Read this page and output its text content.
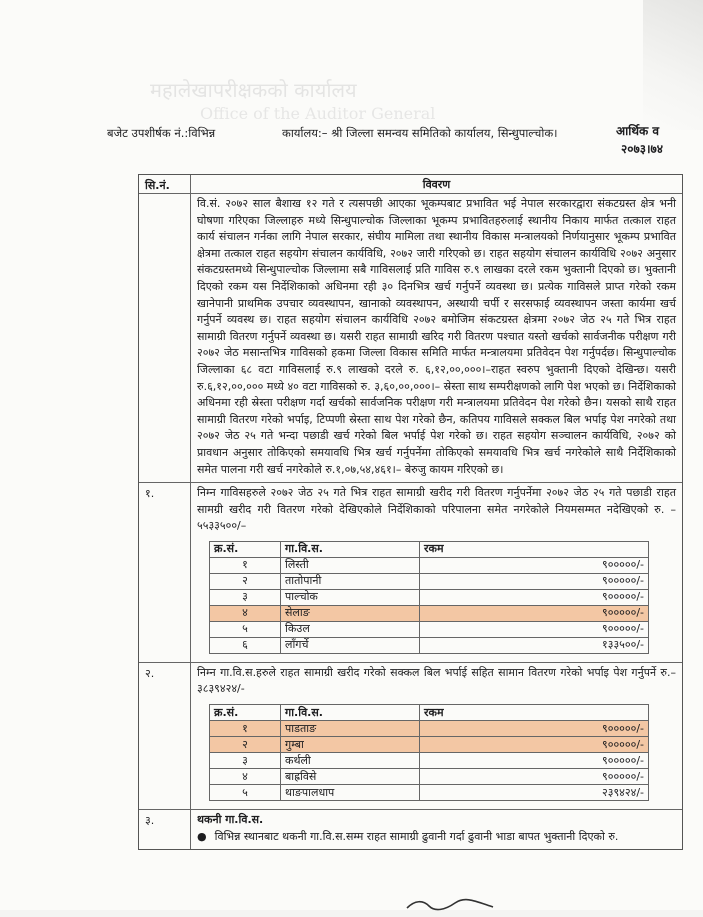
महालेखापरीक्षकको कार्यालय
Office of the Auditor General
बजेट उपशीर्षक नं.:विभिन्न	कार्यालय:– श्री जिल्ला समन्वय समितिको कार्यालय, सिन्धुपाल्चोक।	आर्थिक व
२०७३।७४
सि.नं.	विवरण
वि.सं. २०७२ साल बैशाख १२ गते र त्यसपछी आएका भूकम्पबाट प्रभावित भई नेपाल सरकारद्वारा संकटग्रस्त क्षेत्र भनी घोषणा गरिएका जिल्लाहरु मध्ये सिन्धुपाल्चोक जिल्लाका भूकम्प प्रभावितहरुलाई स्थानीय निकाय मार्फत तत्काल राहत कार्य संचालन गर्नका लागि नेपाल सरकार, संघीय मामिला तथा स्थानीय विकास मन्त्रालयको निर्णयानुसार भूकम्प प्रभावित क्षेत्रमा तत्काल राहत सहयोग संचालन कार्यविधि, २०७२ जारी गरिएको छ। राहत सहयोग संचालन कार्यविधि २०७२ अनुसार संकटग्रस्तमध्ये सिन्धुपाल्चोक जिल्लामा सबै गाविसलाई प्रति गाविस रु.९ लाखका दरले रकम भुक्तानी दिएको छ। भुक्तानी दिएको रकम यस निर्देशिकाको अधिनमा रही ३० दिनभित्र खर्च गर्नुपर्ने व्यवस्था छ। प्रत्येक गाविसले प्राप्त गरेको रकम खानेपानी प्राथमिक उपचार व्यवस्थापन, खानाको व्यवस्थापन, अस्थायी चर्पी र सरसफाई व्यवस्थापन जस्ता कार्यमा खर्च गर्नुपर्ने व्यवस्थ छ। राहत सहयोग संचालन कार्यविधि २०७२ बमोजिम संकटग्रस्त क्षेत्रमा २०७२ जेठ २५ गते भित्र राहत सामाग्री वितरण गर्नुपर्ने व्यवस्था छ। यसरी राहत सामाग्री खरिद गरी वितरण पश्चात यस्तो खर्चको सार्वजनीक परीक्षण गरी २०७२ जेठ मसान्तभित्र गाविसको हकमा जिल्ला विकास समिति मार्फत मन्त्रालयमा प्रतिवेदन पेश गर्नुपर्दछ। सिन्धुपाल्चोक जिल्लाका ६८ वटा गाविसलाई रु.९ लाखको दरले रु. ६,१२,००,०००।–राहत स्वरुप भुक्तानी दिएको देखिन्छ। यसरी रु.६,१२,००,००० मध्ये ४० वटा गाविसको रु. ३,६०,००,०००।– स्रेस्ता साथ सम्परीक्षणको लागि पेश भएको छ। निर्देशिकाको अधिनमा रही स्रेस्ता परीक्षण गर्दा खर्चको सार्वजनिक परीक्षण गरी मन्त्रालयमा प्रतिवेदन पेश गरेको छैन। यसको साथै राहत सामाग्री वितरण गरेको भर्पाइ, टिप्पणी स्रेस्ता साथ पेश गरेको छैन, कतिपय गाविसले सक्कल बिल भर्पाइ पेश नगरेको तथा २०७२ जेठ २५ गते भन्दा पछाडी खर्च गरेको बिल भर्पाई पेश गरेको छ। राहत सहयोग सञ्चालन कार्यविधि, २०७२ को प्रावधान अनुसार तोकिएको समयावधि भित्र खर्च गर्नुपर्नेमा तोकिएको समयावधि भित्र खर्च नगरेकोले साथै निर्देशिकाको समेत पालना गरी खर्च नगरेकोले रु.१,०७,५४,४६१।– बेरुजु कायम गरिएको छ।
१.	निम्न गाविसहरुले २०७२ जेठ २५ गते भित्र राहत सामाग्री खरीद गरी वितरण गर्नुपर्नेमा २०७२ जेठ २५ गते पछाडी राहत सामग्री खरीद गरी वितरण गरेको देखिएकोले निर्देशिकाको परिपालना समेत नगरेकोले नियमसम्मत नदेखिएको रु. –५५३३५००/–
क्र.सं.	गा.वि.स.	रकम
१	लिस्ती	९०००००/-
२	तातोपानी	९०००००/-
३	पाल्चोक	९०००००/-
४	सेलाङ	९०००००/-
५	किउल	९०००००/-
६	लाँगर्चे	१३३५००/-
२.	निम्न गा.वि.स.हरुले राहत सामाग्री खरीद गरेको सक्कल बिल भर्पाई सहित सामान वितरण गरेको भर्पाइ पेश गर्नुपर्ने रु.–३८३९४२४/-
क्र.सं.	गा.वि.स.	रकम
१	पाडताङ	९०००००/-
२	गुम्बा	९०००००/-
३	कर्थली	९०००००/-
४	बाह्रविसे	९०००००/-
५	थाङपालधाप	२३९४२४/-
३.	थकनी गा.वि.स.
● विभिन्न स्थानबाट थकनी गा.वि.स.सम्म राहत सामाग्री ढुवानी गर्दा ढुवानी भाडा बापत भुक्तानी दिएको रु.
